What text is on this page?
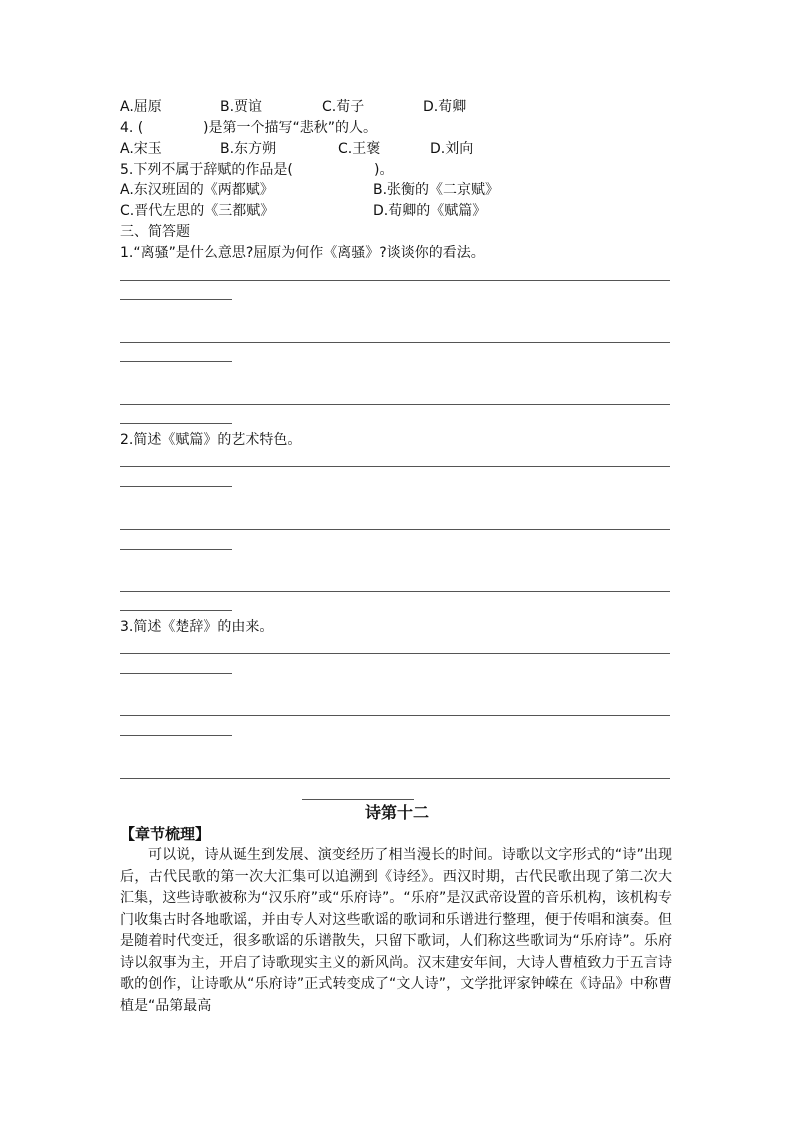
A.屈原	B.贾谊	C.荀子	D.荀卿
4. (	)是第一个描写“悲秋”的人。
A.宋玉	B.东方朔	C.王褒	D.刘向
5.下列不属于辞赋的作品是(	)。
A.东汉班固的《两都赋》	B.张衡的《二京赋》
C.晋代左思的《三都赋》	D.荀卿的《赋篇》
三、简答题
1.“离骚”是什么意思?屈原为何作《离骚》?谈谈你的看法。
2.简述《赋篇》的艺术特色。
3.简述《楚辞》的由来。
诗第十二
【章节梳理】
可以说，诗从诞生到发展、演变经历了相当漫长的时间。诗歌以文字形式的“诗”出现后，古代民歌的第一次大汇集可以追溯到《诗经》。西汉时期，古代民歌出现了第二次大汇集，这些诗歌被称为“汉乐府”或“乐府诗”。“乐府”是汉武帝设置的音乐机构，该机构专门收集古时各地歌谣，并由专人对这些歌谣的歌词和乐谱进行整理，便于传唱和演奏。但是随着时代变迁，很多歌谣的乐谱散失，只留下歌词，人们称这些歌词为“乐府诗”。乐府诗以叙事为主，开启了诗歌现实主义的新风尚。汉末建安年间，大诗人曹植致力于五言诗歌的创作，让诗歌从“乐府诗”正式转变成了“文人诗”，文学批评家钟嵘在《诗品》中称曹植是“品第最高
